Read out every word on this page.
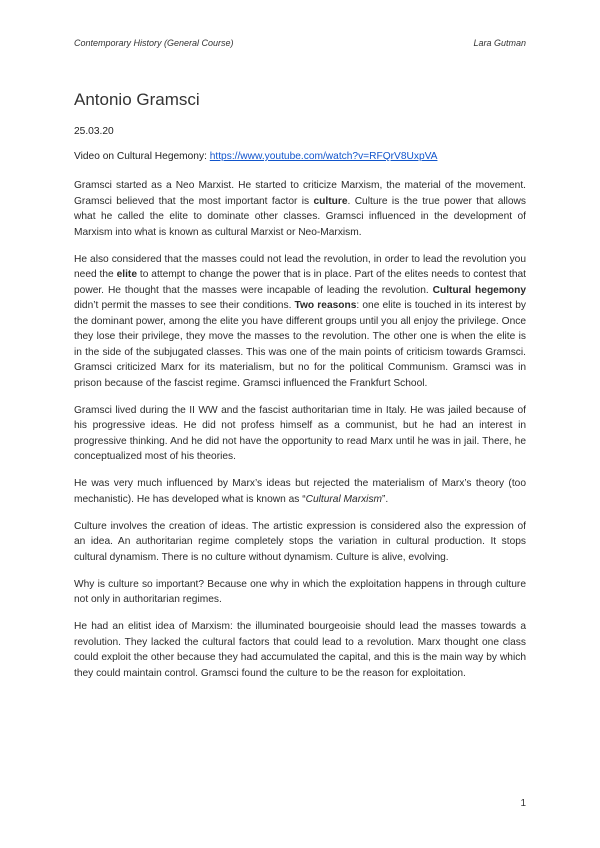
Contemporary History (General Course)	Lara Gutman
Antonio Gramsci
25.03.20
Video on Cultural Hegemony: https://www.youtube.com/watch?v=RFQrV8UxpVA

Gramsci started as a Neo Marxist. He started to criticize Marxism, the material of the movement. Gramsci believed that the most important factor is culture. Culture is the true power that allows what he called the elite to dominate other classes. Gramsci influenced in the development of Marxism into what is known as cultural Marxist or Neo-Marxism.

He also considered that the masses could not lead the revolution, in order to lead the revolution you need the elite to attempt to change the power that is in place. Part of the elites needs to contest that power. He thought that the masses were incapable of leading the revolution. Cultural hegemony didn’t permit the masses to see their conditions. Two reasons: one elite is touched in its interest by the dominant power, among the elite you have different groups until you all enjoy the privilege. Once they lose their privilege, they move the masses to the revolution. The other one is when the elite is in the side of the subjugated classes. This was one of the main points of criticism towards Gramsci. Gramsci criticized Marx for its materialism, but no for the political Communism. Gramsci was in prison because of the fascist regime. Gramsci influenced the Frankfurt School.

Gramsci lived during the II WW and the fascist authoritarian time in Italy. He was jailed because of his progressive ideas. He did not profess himself as a communist, but he had an interest in progressive thinking. And he did not have the opportunity to read Marx until he was in jail. There, he conceptualized most of his theories.

He was very much influenced by Marx’s ideas but rejected the materialism of Marx’s theory (too mechanistic). He has developed what is known as “Cultural Marxism”.

Culture involves the creation of ideas. The artistic expression is considered also the expression of an idea. An authoritarian regime completely stops the variation in cultural production. It stops cultural dynamism. There is no culture without dynamism. Culture is alive, evolving.

Why is culture so important? Because one why in which the exploitation happens in through culture not only in authoritarian regimes.

He had an elitist idea of Marxism: the illuminated bourgeoisie should lead the masses towards a revolution. They lacked the cultural factors that could lead to a revolution. Marx thought one class could exploit the other because they had accumulated the capital, and this is the main way by which they could maintain control. Gramsci found the culture to be the reason for exploitation.

1
